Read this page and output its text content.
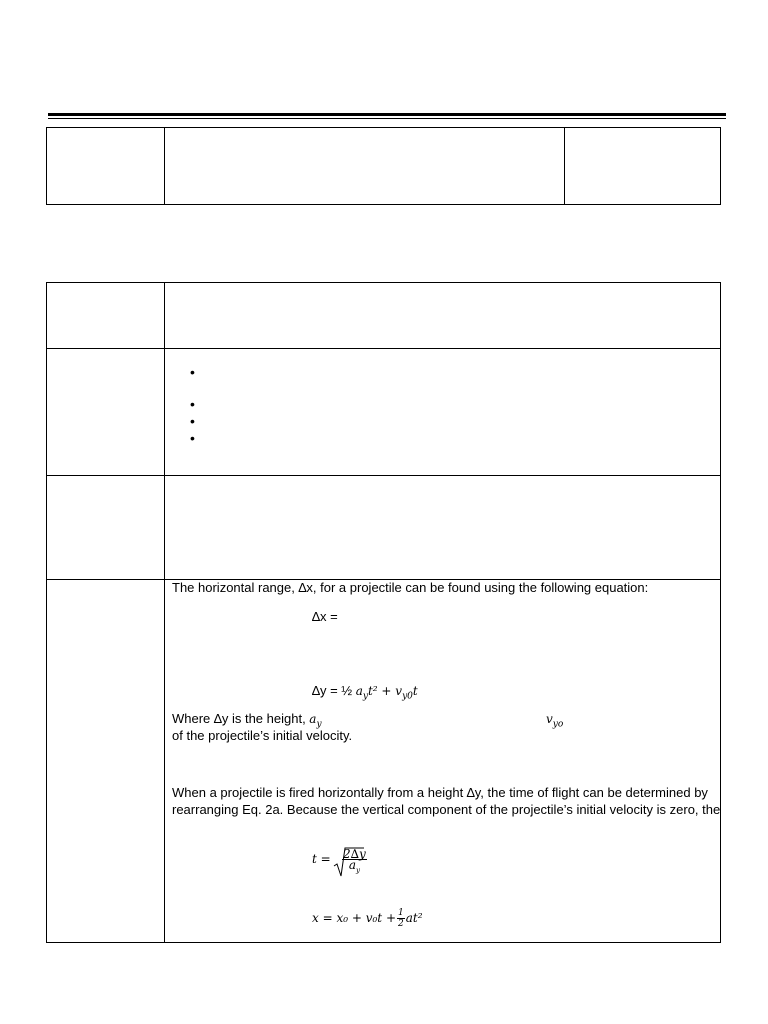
•
•
•
•
The horizontal range, ∆x, for a projectile can be found using the following equation:
∆x =
∆y = ½ $a_yt^2 + v_{y0}t$
Where ∆y is the height, $a_y$	$v_{yo}$
of the projectile’s initial velocity.
When a projectile is fired horizontally from a height ∆y, the time of flight can be determined by
rearranging Eq. 2a. Because the vertical component of the projectile’s initial velocity is zero, the
$t = \frac{2\Delta y}{a_y}$
$x = x_0 + v_0t + \frac{1}{2} at^2$
